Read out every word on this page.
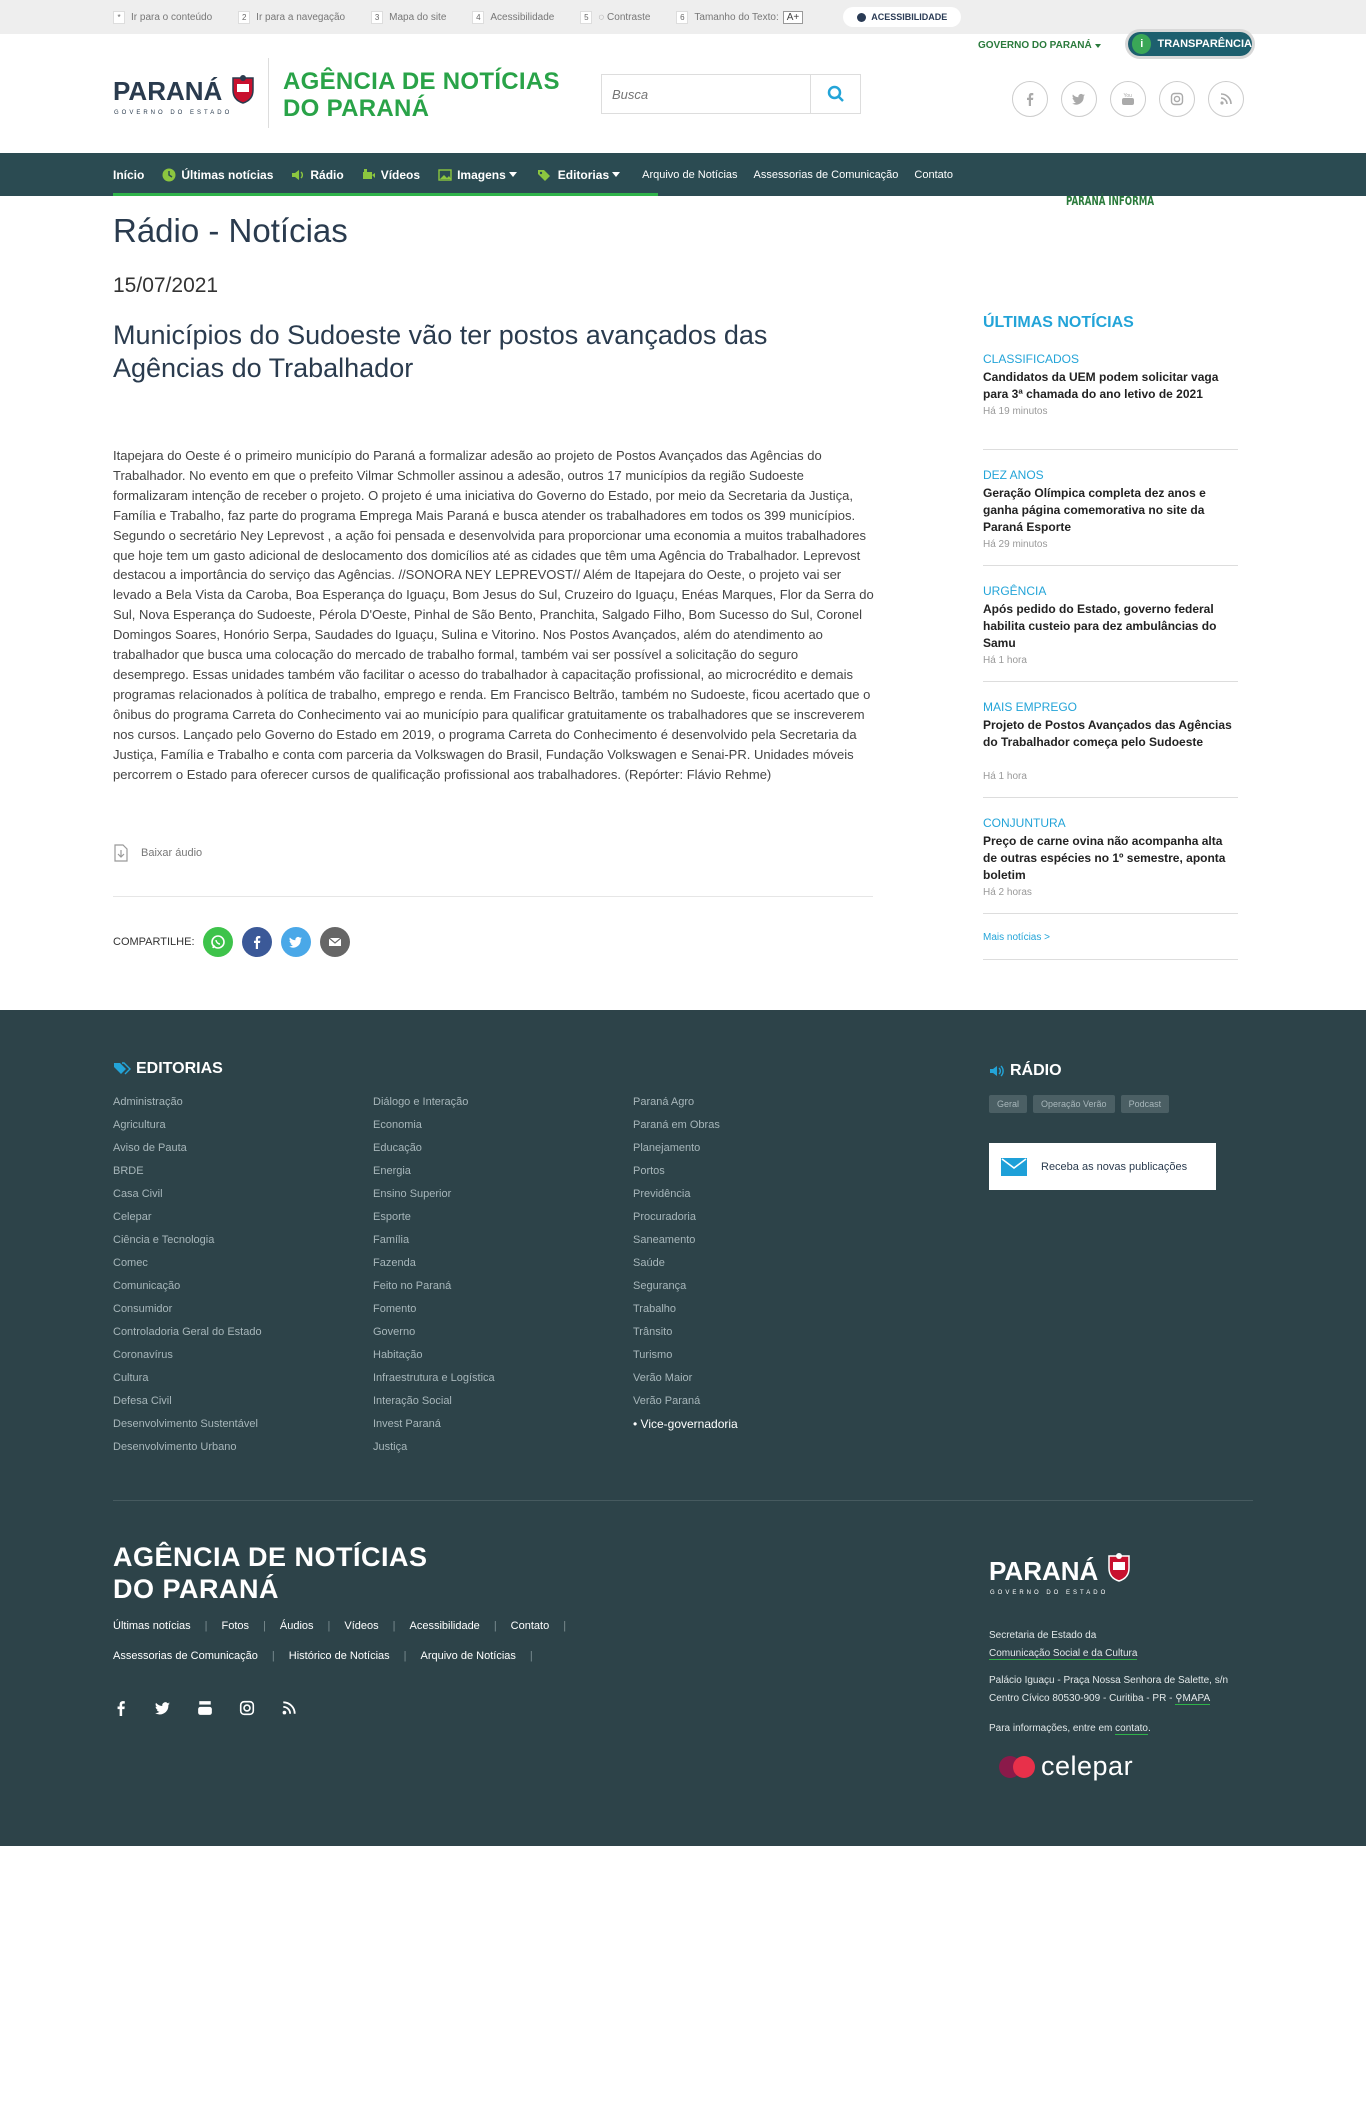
*	Ir para o conteúdo	2 Ir para a navegação	3 Mapa do site	4 Acessibilidade	5 ◌ Contraste	6 Tamanho do Texto: A+	ACESSIBILIDADE
PARANÁ
GOVERNO DO ESTADO
AGÊNCIA DE NOTÍCIAS
DO PARANÁ
Busca
GOVERNO DO PARANÁ	i	TRANSPARÊNCIA
You
Início	Últimas notícias	Rádio	Vídeos	Imagens	Editorias	Arquivo de Notícias Assessorias de Comunicação Contato
Rádio - Notícias
15/07/2021
Municípios do Sudoeste vão ter postos avançados das Agências do Trabalhador

Itapejara do Oeste é o primeiro município do Paraná a formalizar adesão ao projeto de Postos Avançados das Agências do Trabalhador. No evento em que o prefeito Vilmar Schmoller assinou a adesão, outros 17 municípios da região Sudoeste formalizaram intenção de receber o projeto. O projeto é uma iniciativa do Governo do Estado, por meio da Secretaria da Justiça, Família e Trabalho, faz parte do programa Emprega Mais Paraná e busca atender os trabalhadores em todos os 399 municípios. Segundo o secretário Ney Leprevost , a ação foi pensada e desenvolvida para proporcionar uma economia a muitos trabalhadores que hoje tem um gasto adicional de deslocamento dos domicílios até as cidades que têm uma Agência do Trabalhador. Leprevost destacou a importância do serviço das Agências. //SONORA NEY LEPREVOST// Além de Itapejara do Oeste, o projeto vai ser levado a Bela Vista da Caroba, Boa Esperança do Iguaçu, Bom Jesus do Sul, Cruzeiro do Iguaçu, Enéas Marques, Flor da Serra do Sul, Nova Esperança do Sudoeste, Pérola D'Oeste, Pinhal de São Bento, Pranchita, Salgado Filho, Bom Sucesso do Sul, Coronel Domingos Soares, Honório Serpa, Saudades do Iguaçu, Sulina e Vitorino. Nos Postos Avançados, além do atendimento ao trabalhador que busca uma colocação do mercado de trabalho formal, também vai ser possível a solicitação do seguro desemprego. Essas unidades também vão facilitar o acesso do trabalhador à capacitação profissional, ao microcrédito e demais programas relacionados à política de trabalho, emprego e renda. Em Francisco Beltrão, também no Sudoeste, ficou acertado que o ônibus do programa Carreta do Conhecimento vai ao município para qualificar gratuitamente os trabalhadores que se inscreverem nos cursos. Lançado pelo Governo do Estado em 2019, o programa Carreta do Conhecimento é desenvolvido pela Secretaria da Justiça, Família e Trabalho e conta com parceria da Volkswagen do Brasil, Fundação Volkswagen e Senai-PR. Unidades móveis percorrem o Estado para oferecer cursos de qualificação profissional aos trabalhadores. (Repórter: Flávio Rehme)

Baixar áudio
COMPARTILHE:
PARANÁ INFORMA
ÚLTIMAS NOTÍCIAS
CLASSIFICADOS
Candidatos da UEM podem solicitar vaga para 3ª chamada do ano letivo de 2021
Há 19 minutos
DEZ ANOS
Geração Olímpica completa dez anos e ganha página comemorativa no site da Paraná Esporte
Há 29 minutos
URGÊNCIA
Após pedido do Estado, governo federal habilita custeio para dez ambulâncias do Samu
Há 1 hora
MAIS EMPREGO
Projeto de Postos Avançados das Agências do Trabalhador começa pelo Sudoeste
Há 1 hora
CONJUNTURA
Preço de carne ovina não acompanha alta de outras espécies no 1º semestre, aponta boletim
Há 2 horas
Mais notícias >
EDITORIAS
Administração
Agricultura
Aviso de Pauta
BRDE
Casa Civil
Celepar
Ciência e Tecnologia
Comec
Comunicação
Consumidor
Controladoria Geral do Estado
Coronavírus
Cultura
Defesa Civil
Desenvolvimento Sustentável
Desenvolvimento Urbano
Diálogo e Interação
Economia
Educação
Energia
Ensino Superior
Esporte
Família
Fazenda
Feito no Paraná
Fomento
Governo
Habitação
Infraestrutura e Logística
Interação Social
Invest Paraná
Justiça
Paraná Agro
Paraná em Obras
Planejamento
Portos
Previdência
Procuradoria
Saneamento
Saúde
Segurança
Trabalho
Trânsito
Turismo
Verão Maior
Verão Paraná
• Vice-governadoria
RÁDIO
Geral	Operação Verão	Podcast
Receba as novas publicações
AGÊNCIA DE NOTÍCIAS
DO PARANÁ
Últimas notícias | Fotos | Áudios | Vídeos | Acessibilidade | Contato |
Assessorias de Comunicação | Histórico de Notícias | Arquivo de Notícias |
PARANÁ
GOVERNO DO ESTADO
Secretaria de Estado da
Comunicação Social e da Cultura
Palácio Iguaçu - Praça Nossa Senhora de Salette, s/n
Centro Cívico 80530-909 - Curitiba - PR - ⚲MAPA
Para informações, entre em contato.
celepar
